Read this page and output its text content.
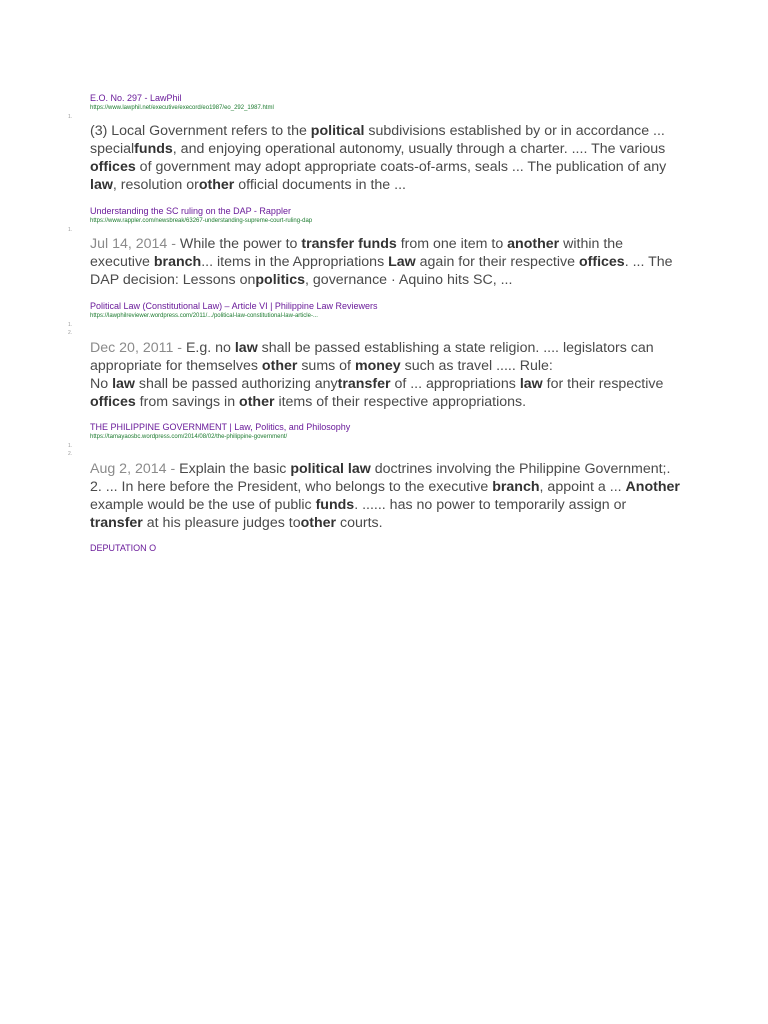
E.O. No. 297 - LawPhil
https://www.lawphil.net/executive/execord/eo1987/eo_292_1987.html
1.
(3) Local Government refers to the political subdivisions established by or in accordance ... specialfunds, and enjoying operational autonomy, usually through a charter. .... The various offices of government may adopt appropriate coats-of-arms, seals ... The publication of any law, resolution orother official documents in the ...
Understanding the SC ruling on the DAP - Rappler
https://www.rappler.com/newsbreak/63267-understanding-supreme-court-ruling-dap
1.
Jul 14, 2014 - While the power to transfer funds from one item to another within the executive branch... items in the Appropriations Law again for their respective offices. ... The DAP decision: Lessons onpolitics, governance · Aquino hits SC, ...
Political Law (Constitutional Law) – Article VI | Philippine Law Reviewers
https://lawphilreviewer.wordpress.com/2011/.../political-law-constitutional-law-article-...
1.
2.
Dec 20, 2011 - E.g. no law shall be passed establishing a state religion. .... legislators can appropriate for themselves other sums of money such as travel ..... Rule:
No law shall be passed authorizing anytransfer of ... appropriations law for their respective offices from savings in other items of their respective appropriations.
THE PHILIPPINE GOVERNMENT | Law, Politics, and Philosophy
https://tamayaosbc.wordpress.com/2014/08/02/the-philippine-government/
1.
2.
Aug 2, 2014 - Explain the basic political law doctrines involving the Philippine Government;. 2. ... In here before the President, who belongs to the executive branch, appoint a ... Another example would be the use of public funds. ...... has no power to temporarily assign or transfer at his pleasure judges toother courts.
DEPUTATION O
